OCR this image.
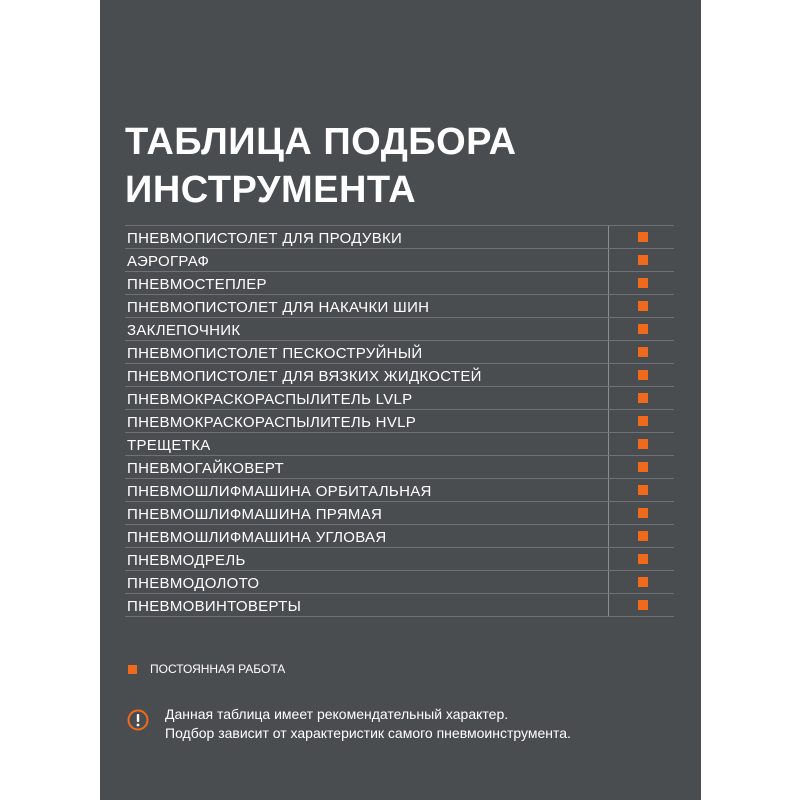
ТАБЛИЦА ПОДБОРА
ИНСТРУМЕНТА
ПНЕВМОПИСТОЛЕТ ДЛЯ ПРОДУВКИ
АЭРОГРАФ
ПНЕВМОСТЕПЛЕР
ПНЕВМОПИСТОЛЕТ ДЛЯ НАКАЧКИ ШИН
ЗАКЛЕПОЧНИК
ПНЕВМОПИСТОЛЕТ ПЕСКОСТРУЙНЫЙ
ПНЕВМОПИСТОЛЕТ ДЛЯ ВЯЗКИХ ЖИДКОСТЕЙ
ПНЕВМОКРАСКОРАСПЫЛИТЕЛЬ LVLP
ПНЕВМОКРАСКОРАСПЫЛИТЕЛЬ HVLP
ТРЕЩЕТКА
ПНЕВМОГАЙКОВЕРТ
ПНЕВМОШЛИФМАШИНА ОРБИТАЛЬНАЯ
ПНЕВМОШЛИФМАШИНА ПРЯМАЯ
ПНЕВМОШЛИФМАШИНА УГЛОВАЯ
ПНЕВМОДРЕЛЬ
ПНЕВМОДОЛОТО
ПНЕВМОВИНТОВЕРТЫ
ПОСТОЯННАЯ РАБОТА

Данная таблица имеет рекомендательный характер.
Подбор зависит от характеристик самого пневмоинструмента.
